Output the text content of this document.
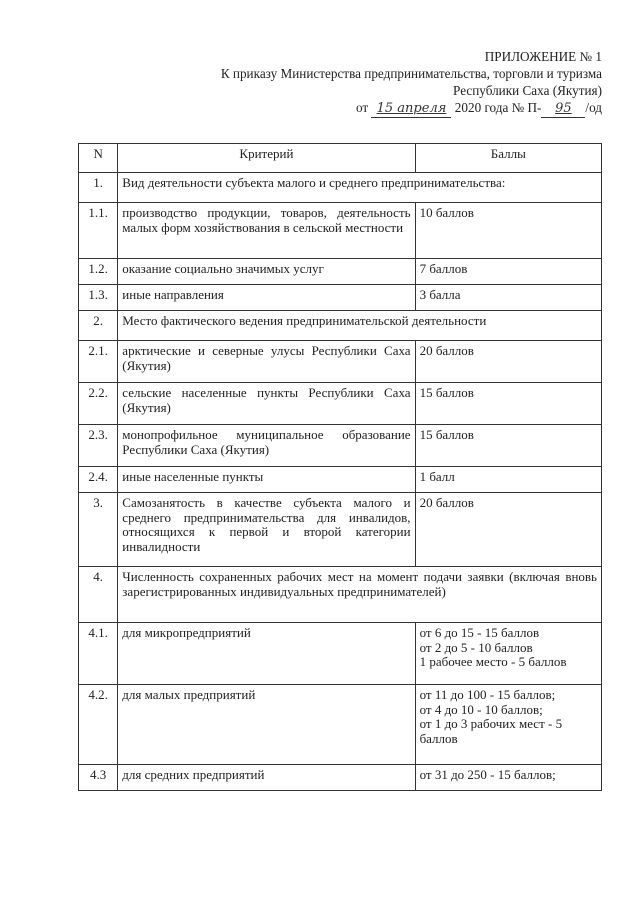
ПРИЛОЖЕНИЕ № 1
К приказу Министерства предпринимательства, торговли и туризма
Республики Саха (Якутия)
от 15 апреля 2020 года № П- 95 /од
N	Критерий	Баллы
1.	Вид деятельности субъекта малого и среднего предпринимательства:	
1.1.	производство продукции, товаров, деятельность малых форм хозяйствования в сельской местности	10 баллов

1.2.	оказание социально значимых услуг	7 баллов

1.3.	иные направления	3 балла

2.	Место фактического ведения предпринимательской деятельности	
2.1.	арктические и северные улусы Республики Саха (Якутия)	20 баллов

2.2.	сельские населенные пункты Республики Саха (Якутия)	15 баллов

2.3.	монопрофильное муниципальное образование Республики Саха (Якутия)	15 баллов

2.4.	иные населенные пункты	1 балл

3.	Самозанятость в качестве субъекта малого и среднего предпринимательства для инвалидов, относящихся к первой и второй категории инвалидности	20 баллов

4.	Численность сохраненных рабочих мест на момент подачи заявки (включая вновь зарегистрированных индивидуальных предпринимателей)	
4.1.	для микропредприятий	от 6 до 15 - 15 баллов
от 2 до 5 - 10 баллов
1 рабочее место - 5 баллов

4.2.	для малых предприятий	от 11 до 100 - 15 баллов;
от 4 до 10 - 10 баллов;
от 1 до 3 рабочих мест - 5 баллов

4.3	для средних предприятий	от 31 до 250 - 15 баллов;
